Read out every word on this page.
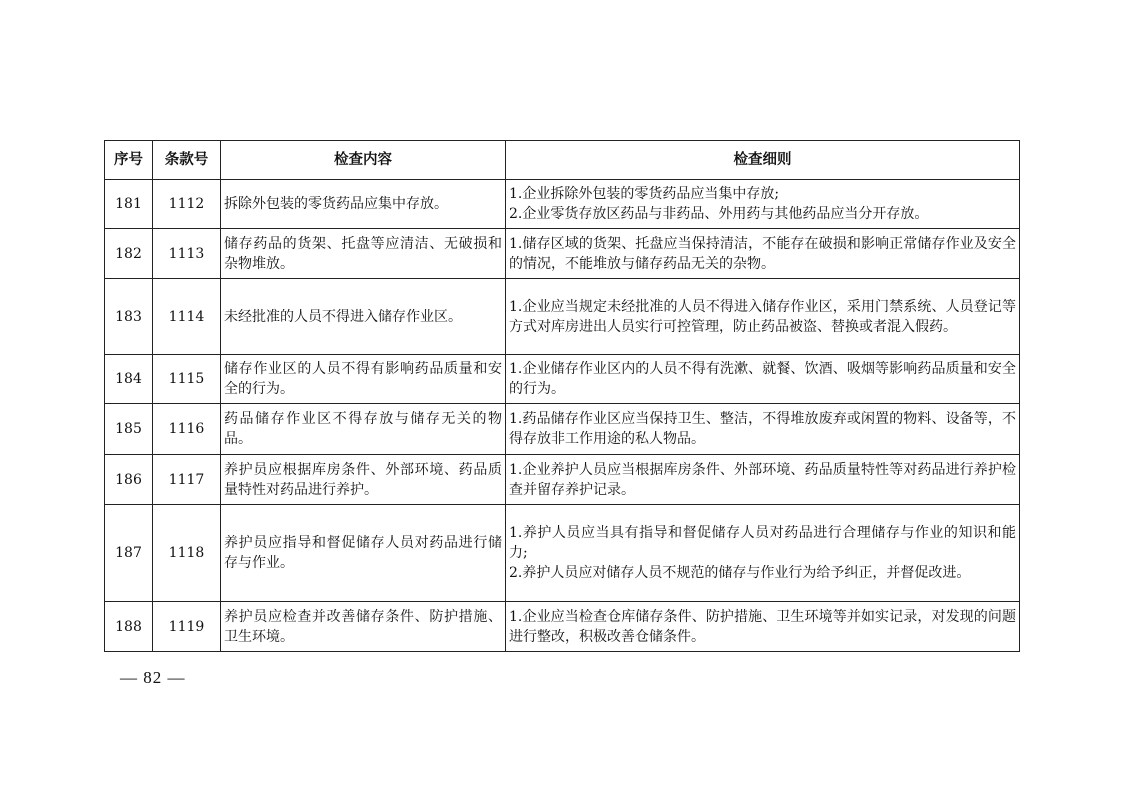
序号	条款号	检查内容	检查细则
181	1112	拆除外包装的零货药品应集中存放。	1.企业拆除外包装的零货药品应当集中存放;
2.企业零货存放区药品与非药品、外用药与其他药品应当分开存放。

182	1113	储存药品的货架、托盘等应清洁、无破损和杂物堆放。	1.储存区域的货架、托盘应当保持清洁，不能存在破损和影响正常储存作业及安全的情况，不能堆放与储存药品无关的杂物。

183	1114	未经批准的人员不得进入储存作业区。	1.企业应当规定未经批准的人员不得进入储存作业区，采用门禁系统、人员登记等方式对库房进出人员实行可控管理，防止药品被盗、替换或者混入假药。

184	1115	储存作业区的人员不得有影响药品质量和安全的行为。	1.企业储存作业区内的人员不得有洗漱、就餐、饮酒、吸烟等影响药品质量和安全的行为。

185	1116	药品储存作业区不得存放与储存无关的物品。	1.药品储存作业区应当保持卫生、整洁，不得堆放废弃或闲置的物料、设备等，不得存放非工作用途的私人物品。

186	1117	养护员应根据库房条件、外部环境、药品质量特性对药品进行养护。	1.企业养护人员应当根据库房条件、外部环境、药品质量特性等对药品进行养护检查并留存养护记录。

187	1118	养护员应指导和督促储存人员对药品进行储存与作业。	1.养护人员应当具有指导和督促储存人员对药品进行合理储存与作业的知识和能力;
2.养护人员应对储存人员不规范的储存与作业行为给予纠正，并督促改进。

188	1119	养护员应检查并改善储存条件、防护措施、卫生环境。	1.企业应当检查仓库储存条件、防护措施、卫生环境等并如实记录，对发现的问题进行整改，积极改善仓储条件。
— 82 —
